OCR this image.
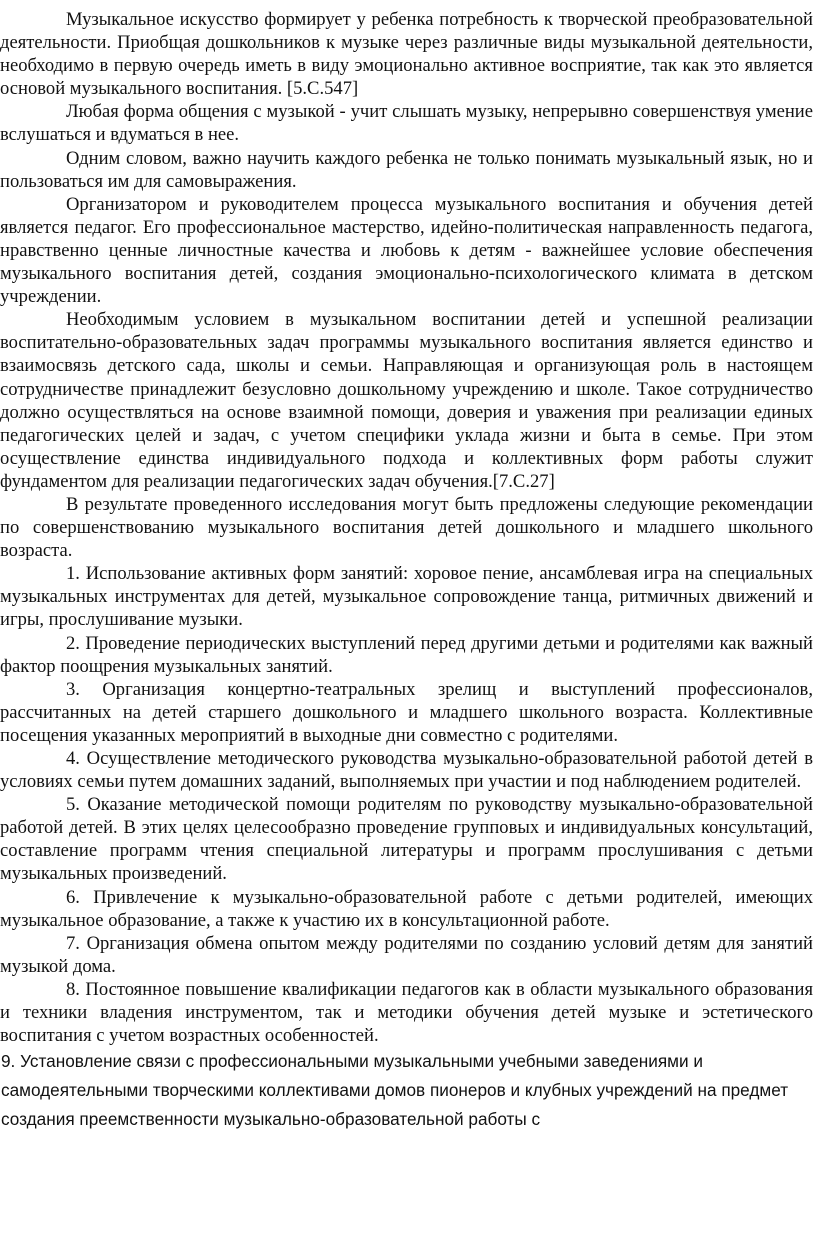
Музыкальное искусство формирует у ребенка потребность к творческой преобразовательной деятельности. Приобщая дошкольников к музыке через различные виды музыкальной деятельности, необходимо в первую очередь иметь в виду эмоционально активное восприятие, так как это является основой музыкального воспитания. [5.С.547]

Любая форма общения с музыкой - учит слышать музыку, непрерывно совершенствуя умение вслушаться и вдуматься в нее.

Одним словом, важно научить каждого ребенка не только понимать музыкальный язык, но и пользоваться им для самовыражения.

Организатором и руководителем процесса музыкального воспитания и обучения детей является педагог. Его профессиональное мастерство, идейно-политическая направленность педагога, нравственно ценные личностные качества и любовь к детям - важнейшее условие обеспечения музыкального воспитания детей, создания эмоционально-психологического климата в детском учреждении.

Необходимым условием в музыкальном воспитании детей и успешной реализации воспитательно-образовательных задач программы музыкального воспитания является единство и взаимосвязь детского сада, школы и семьи. Направляющая и организующая роль в настоящем сотрудничестве принадлежит безусловно дошкольному учреждению и школе. Такое сотрудничество должно осуществляться на основе взаимной помощи, доверия и уважения при реализации единых педагогических целей и задач, с учетом специфики уклада жизни и быта в семье. При этом осуществление единства индивидуального подхода и коллективных форм работы служит фундаментом для реализации педагогических задач обучения.[7.С.27]

В результате проведенного исследования могут быть предложены следующие рекомендации по совершенствованию музыкального воспитания детей дошкольного и младшего школьного возраста.

1. Использование активных форм занятий: хоровое пение, ансамблевая игра на специальных музыкальных инструментах для детей, музыкальное сопровождение танца, ритмичных движений и игры, прослушивание музыки.

2. Проведение периодических выступлений перед другими детьми и родителями как важный фактор поощрения музыкальных занятий.

3. Организация концертно-театральных зрелищ и выступлений профессионалов, рассчитанных на детей старшего дошкольного и младшего школьного возраста. Коллективные посещения указанных мероприятий в выходные дни совместно с родителями.

4. Осуществление методического руководства музыкально-образовательной работой детей в условиях семьи путем домашних заданий, выполняемых при участии и под наблюдением родителей.

5. Оказание методической помощи родителям по руководству музыкально-образовательной работой детей. В этих целях целесообразно проведение групповых и индивидуальных консультаций, составление программ чтения специальной литературы и программ прослушивания с детьми музыкальных произведений.

6. Привлечение к музыкально-образовательной работе с детьми родителей, имеющих музыкальное образование, а также к участию их в консультационной работе.

7. Организация обмена опытом между родителями по созданию условий детям для занятий музыкой дома.

8. Постоянное повышение квалификации педагогов как в области музыкального образования и техники владения инструментом, так и методики обучения детей музыке и эстетического воспитания с учетом возрастных особенностей.

9. Установление связи с профессиональными музыкальными учебными заведениями и самодеятельными творческими коллективами домов пионеров и клубных учреждений на предмет создания преемственности музыкально-образовательной работы с
